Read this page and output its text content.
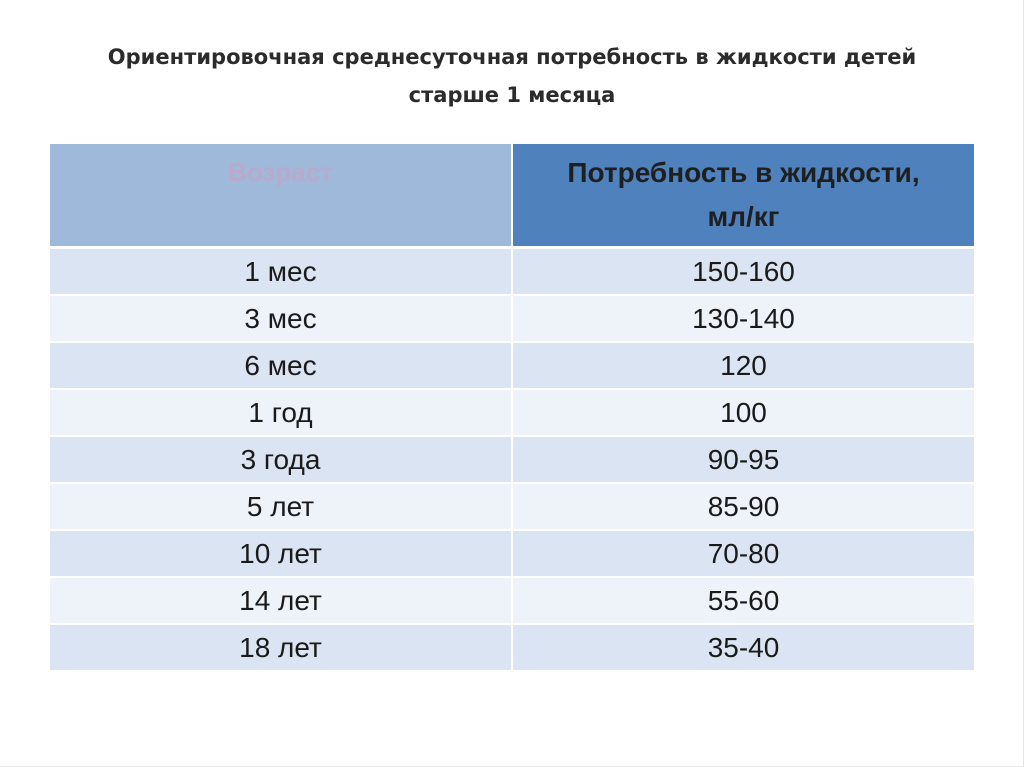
Ориентировочная среднесуточная потребность в жидкости детей
старше 1 месяца
Возраст	Потребность в жидкости,
мл/кг

1 мес	150-160
3 мес	130-140
6 мес	120
1 год	100
3 года	90-95
5 лет	85-90
10 лет	70-80
14 лет	55-60
18 лет	35-40
